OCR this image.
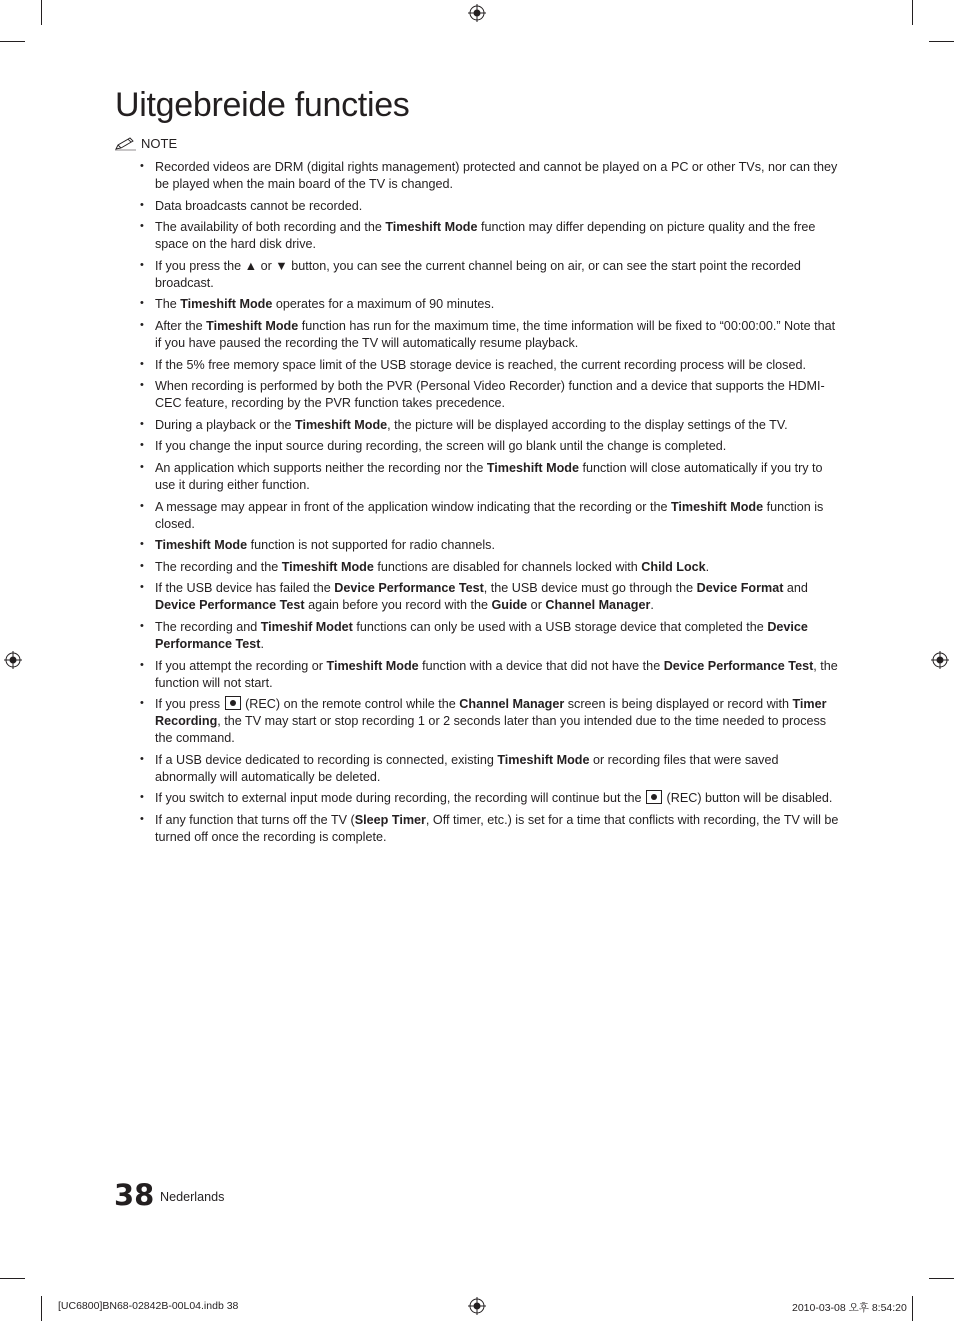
Uitgebreide functies
NOTE
• Recorded videos are DRM (digital rights management) protected and cannot be played on a PC or other TVs, nor can they be played when the main board of the TV is changed.
• Data broadcasts cannot be recorded.
• The availability of both recording and the Timeshift Mode function may differ depending on picture quality and the free space on the hard disk drive.
• If you press the ▲ or ▼ button, you can see the current channel being on air, or can see the start point the recorded broadcast.
• The Timeshift Mode operates for a maximum of 90 minutes.
• After the Timeshift Mode function has run for the maximum time, the time information will be fixed to “00:00:00.” Note that if you have paused the recording the TV will automatically resume playback.
• If the 5% free memory space limit of the USB storage device is reached, the current recording process will be closed.
• When recording is performed by both the PVR (Personal Video Recorder) function and a device that supports the HDMI-CEC feature, recording by the PVR function takes precedence.
• During a playback or the Timeshift Mode, the picture will be displayed according to the display settings of the TV.
• If you change the input source during recording, the screen will go blank until the change is completed.
• An application which supports neither the recording nor the Timeshift Mode function will close automatically if you try to use it during either function.
• A message may appear in front of the application window indicating that the recording or the Timeshift Mode function is closed.
• Timeshift Mode function is not supported for radio channels.
• The recording and the Timeshift Mode functions are disabled for channels locked with Child Lock.
• If the USB device has failed the Device Performance Test, the USB device must go through the Device Format and Device Performance Test again before you record with the Guide or Channel Manager.
• The recording and Timeshif Modet functions can only be used with a USB storage device that completed the Device Performance Test.
• If you attempt the recording or Timeshift Mode function with a device that did not have the Device Performance Test, the function will not start.
• If you press  (REC) on the remote control while the Channel Manager screen is being displayed or record with Timer Recording, the TV may start or stop recording 1 or 2 seconds later than you intended due to the time needed to process the command.
• If a USB device dedicated to recording is connected, existing Timeshift Mode or recording files that were saved abnormally will automatically be deleted.
• If you switch to external input mode during recording, the recording will continue but the  (REC) button will be disabled.
• If any function that turns off the TV (Sleep Timer, Off timer, etc.) is set for a time that conflicts with recording, the TV will be turned off once the recording is complete.
38 Nederlands
[UC6800]BN68-02842B-00L04.indb 38	2010-03-08 오후 8:54:20
